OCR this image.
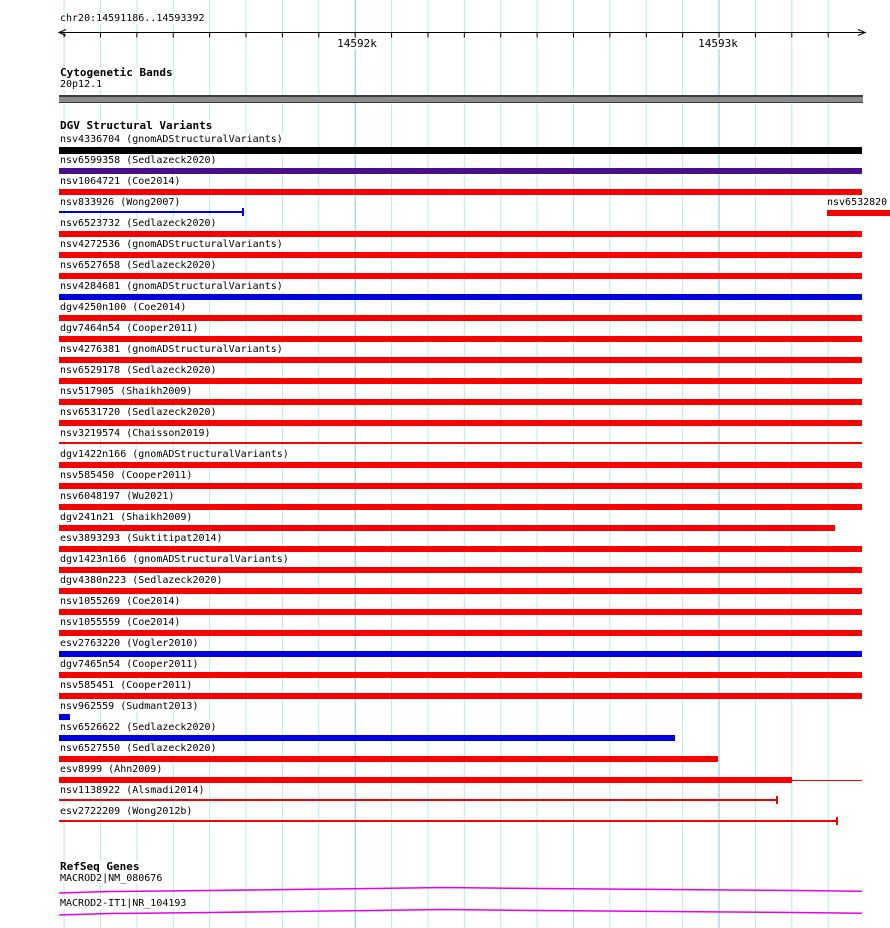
chr20:14591186..14593392
14592k	14593k
Cytogenetic Bands
20p12.1
DGV Structural Variants
nsv4336704 (gnomADStructuralVariants)
nsv6599358 (Sedlazeck2020)
nsv1064721 (Coe2014)
nsv833926 (Wong2007)	nsv6532820
nsv6523732 (Sedlazeck2020)
nsv4272536 (gnomADStructuralVariants)
nsv6527658 (Sedlazeck2020)
nsv4284681 (gnomADStructuralVariants)
dgv4250n100 (Coe2014)
dgv7464n54 (Cooper2011)
nsv4276381 (gnomADStructuralVariants)
nsv6529178 (Sedlazeck2020)
nsv517905 (Shaikh2009)
nsv6531720 (Sedlazeck2020)
nsv3219574 (Chaisson2019)
dgv1422n166 (gnomADStructuralVariants)
nsv585450 (Cooper2011)
nsv6048197 (Wu2021)
dgv241n21 (Shaikh2009)
esv3893293 (Suktitipat2014)
dgv1423n166 (gnomADStructuralVariants)
dgv4380n223 (Sedlazeck2020)
nsv1055269 (Coe2014)
nsv1055559 (Coe2014)
esv2763220 (Vogler2010)
dgv7465n54 (Cooper2011)
nsv585451 (Cooper2011)
nsv962559 (Sudmant2013)
nsv6526622 (Sedlazeck2020)
nsv6527550 (Sedlazeck2020)
esv8999 (Ahn2009)
nsv1138922 (Alsmadi2014)
esv2722209 (Wong2012b)
RefSeq Genes
MACROD2|NM_080676
MACROD2-IT1|NR_104193
